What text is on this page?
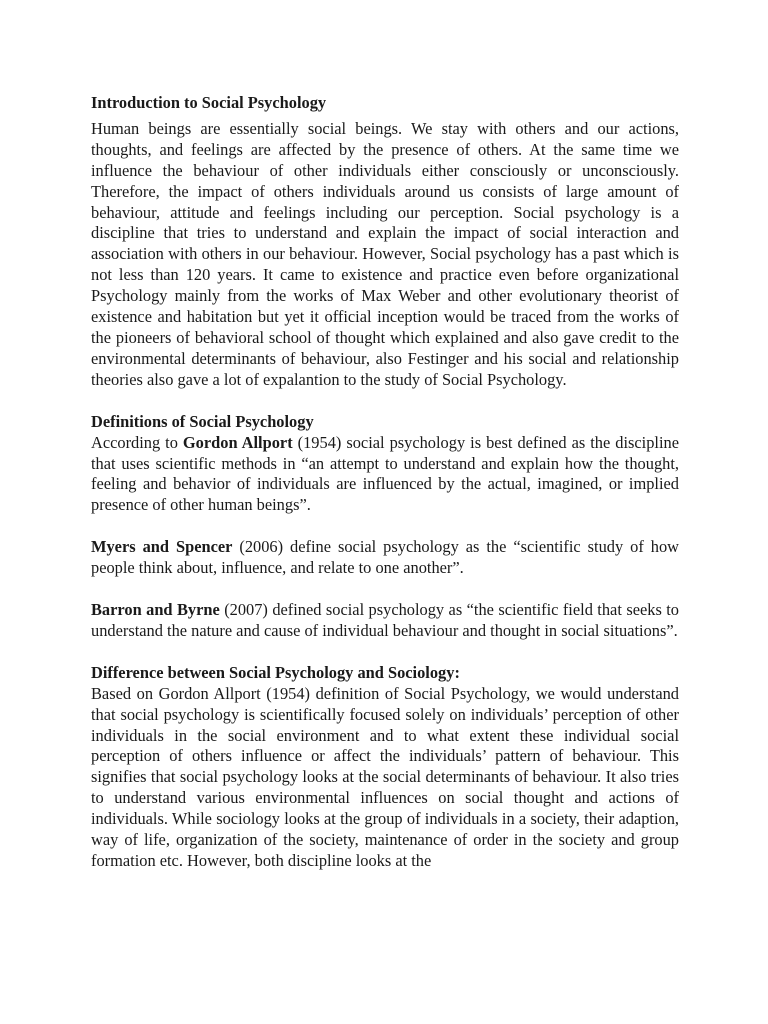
Introduction to Social Psychology

Human beings are essentially social beings. We stay with others and our actions, thoughts, and feelings are affected by the presence of others. At the same time we influence the behaviour of other individuals either consciously or unconsciously. Therefore, the impact of others individuals around us consists of large amount of behaviour, attitude and feelings including our perception. Social psychology is a discipline that tries to understand and explain the impact of social interaction and association with others in our behaviour. However, Social psychology has a past which is not less than 120 years. It came to existence and practice even before organizational Psychology mainly from the works of Max Weber and other evolutionary theorist of existence and habitation but yet it official inception would be traced from the works of the pioneers of behavioral school of thought which explained and also gave credit to the environmental determinants of behaviour, also Festinger and his social and relationship theories also gave a lot of expalantion to the study of Social Psychology.

Definitions of Social Psychology

According to Gordon Allport (1954) social psychology is best defined as the discipline that uses scientific methods in “an attempt to understand and explain how the thought, feeling and behavior of individuals are influenced by the actual, imagined, or implied presence of other human beings”.

Myers and Spencer (2006) define social psychology as the “scientific study of how people think about, influence, and relate to one another”.

Barron and Byrne (2007) defined social psychology as “the scientific field that seeks to understand the nature and cause of individual behaviour and thought in social situations”.

Difference between Social Psychology and Sociology:

Based on Gordon Allport (1954) definition of Social Psychology, we would understand that social psychology is scientifically focused solely on individuals’ perception of other individuals in the social environment and to what extent these individual social perception of others influence or affect the individuals’ pattern of behaviour. This signifies that social psychology looks at the social determinants of behaviour. It also tries to understand various environmental influences on social thought and actions of individuals. While sociology looks at the group of individuals in a society, their adaption, way of life, organization of the society, maintenance of order in the society and group formation etc. However, both discipline looks at the
